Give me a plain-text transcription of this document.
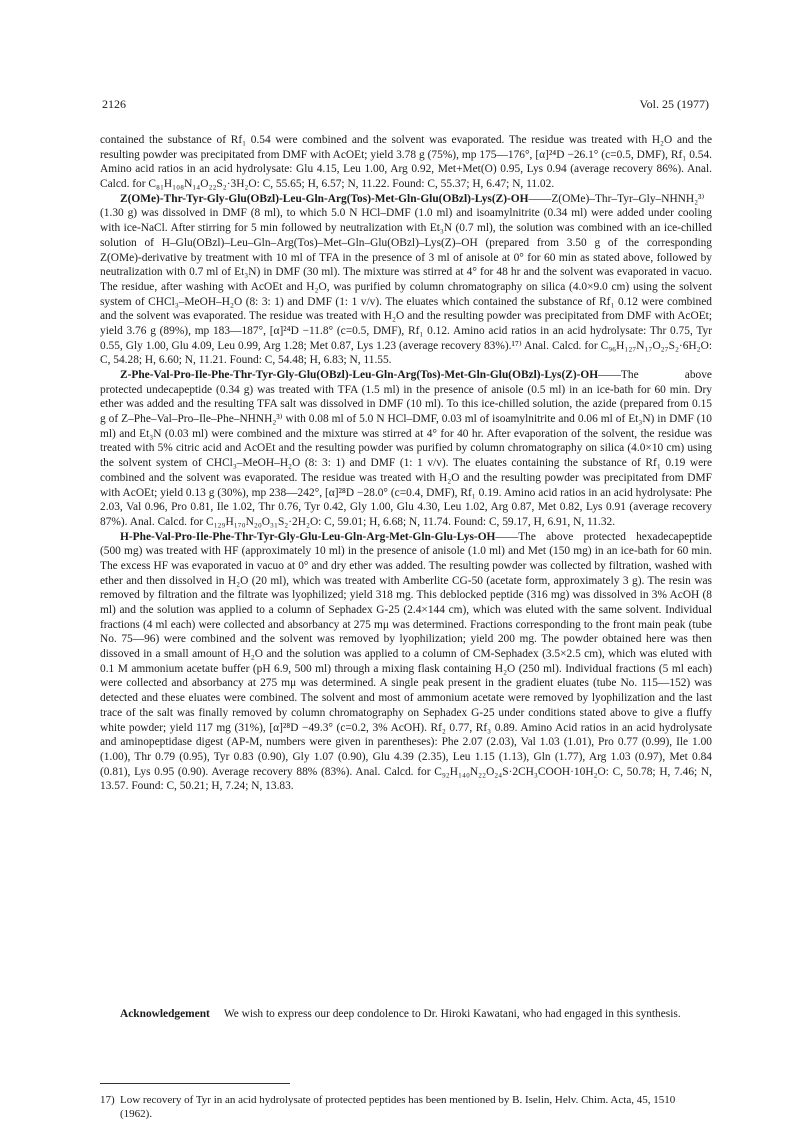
2126	Vol. 25 (1977)

contained the substance of Rf₁ 0.54 were combined and the solvent was evaporated. The residue was treated with H₂O and the resulting powder was precipitated from DMF with AcOEt; yield 3.78 g (75%), mp 175—176°, [α]²⁴D −26.1° (c=0.5, DMF), Rf₁ 0.54. Amino acid ratios in an acid hydrolysate: Glu 4.15, Leu 1.00, Arg 0.92, Met+Met(O) 0.95, Lys 0.94 (average recovery 86%). Anal. Calcd. for C₈₁H₁₀₈N₁₄O₂₂S₂·3H₂O: C, 55.65; H, 6.57; N, 11.22. Found: C, 55.37; H, 6.47; N, 11.02.

Z(OMe)-Thr-Tyr-Gly-Glu(OBzl)-Leu-Gln-Arg(Tos)-Met-Gln-Glu(OBzl)-Lys(Z)-OH——Z(OMe)–Thr–Tyr–Gly–NHNH₂³⁾ (1.30 g) was dissolved in DMF (8 ml), to which 5.0 N HCl–DMF (1.0 ml) and isoamylnitrite (0.34 ml) were added under cooling with ice-NaCl. After stirring for 5 min followed by neutralization with Et₃N (0.7 ml), the solution was combined with an ice-chilled solution of H–Glu(OBzl)–Leu–Gln–Arg(Tos)–Met–Gln–Glu(OBzl)–Lys(Z)–OH (prepared from 3.50 g of the corresponding Z(OMe)-derivative by treatment with 10 ml of TFA in the presence of 3 ml of anisole at 0° for 60 min as stated above, followed by neutralization with 0.7 ml of Et₃N) in DMF (30 ml). The mixture was stirred at 4° for 48 hr and the solvent was evaporated in vacuo. The residue, after washing with AcOEt and H₂O, was purified by column chromatography on silica (4.0×9.0 cm) using the solvent system of CHCl₃–MeOH–H₂O (8: 3: 1) and DMF (1: 1 v/v). The eluates which contained the substance of Rf₁ 0.12 were combined and the solvent was evaporated. The residue was treated with H₂O and the resulting powder was precipitated from DMF with AcOEt; yield 3.76 g (89%), mp 183—187°, [α]²⁴D −11.8° (c=0.5, DMF), Rf₁ 0.12. Amino acid ratios in an acid hydrolysate: Thr 0.75, Tyr 0.55, Gly 1.00, Glu 4.09, Leu 0.99, Arg 1.28; Met 0.87, Lys 1.23 (average recovery 83%).¹⁷⁾ Anal. Calcd. for C₉₆H₁₂₇N₁₇O₂₇S₂·6H₂O: C, 54.28; H, 6.60; N, 11.21. Found: C, 54.48; H, 6.83; N, 11.55.

Z-Phe-Val-Pro-Ile-Phe-Thr-Tyr-Gly-Glu(OBzl)-Leu-Gln-Arg(Tos)-Met-Gln-Glu(OBzl)-Lys(Z)-OH——The above protected undecapeptide (0.34 g) was treated with TFA (1.5 ml) in the presence of anisole (0.5 ml) in an ice-bath for 60 min. Dry ether was added and the resulting TFA salt was dissolved in DMF (10 ml). To this ice-chilled solution, the azide (prepared from 0.15 g of Z–Phe–Val–Pro–Ile–Phe–NHNH₂³⁾ with 0.08 ml of 5.0 N HCl–DMF, 0.03 ml of isoamylnitrite and 0.06 ml of Et₃N) in DMF (10 ml) and Et₃N (0.03 ml) were combined and the mixture was stirred at 4° for 40 hr. After evaporation of the solvent, the residue was treated with 5% citric acid and AcOEt and the resulting powder was purified by column chromatography on silica (4.0×10 cm) using the solvent system of CHCl₃–MeOH–H₂O (8: 3: 1) and DMF (1: 1 v/v). The eluates containing the substance of Rf₁ 0.19 were combined and the solvent was evaporated. The residue was treated with H₂O and the resulting powder was precipitated from DMF with AcOEt; yield 0.13 g (30%), mp 238—242°, [α]²⁸D −28.0° (c=0.4, DMF), Rf₁ 0.19. Amino acid ratios in an acid hydrolysate: Phe 2.03, Val 0.96, Pro 0.81, Ile 1.02, Thr 0.76, Tyr 0.42, Gly 1.00, Glu 4.30, Leu 1.02, Arg 0.87, Met 0.82, Lys 0.91 (average recovery 87%). Anal. Calcd. for C₁₂₉H₁₇₀N₂₀O₃₁S₂·2H₂O: C, 59.01; H, 6.68; N, 11.74. Found: C, 59.17, H, 6.91, N, 11.32.

H-Phe-Val-Pro-Ile-Phe-Thr-Tyr-Gly-Glu-Leu-Gln-Arg-Met-Gln-Glu-Lys-OH——The above protected hexadecapeptide (500 mg) was treated with HF (approximately 10 ml) in the presence of anisole (1.0 ml) and Met (150 mg) in an ice-bath for 60 min. The excess HF was evaporated in vacuo at 0° and dry ether was added. The resulting powder was collected by filtration, washed with ether and then dissolved in H₂O (20 ml), which was treated with Amberlite CG-50 (acetate form, approximately 3 g). The resin was removed by filtration and the filtrate was lyophilized; yield 318 mg. This deblocked peptide (316 mg) was dissolved in 3% AcOH (8 ml) and the solution was applied to a column of Sephadex G-25 (2.4×144 cm), which was eluted with the same solvent. Individual fractions (4 ml each) were collected and absorbancy at 275 mμ was determined. Fractions corresponding to the front main peak (tube No. 75—96) were combined and the solvent was removed by lyophilization; yield 200 mg. The powder obtained here was then dissoved in a small amount of H₂O and the solution was applied to a column of CM-Sephadex (3.5×2.5 cm), which was eluted with 0.1 M ammonium acetate buffer (pH 6.9, 500 ml) through a mixing flask containing H₂O (250 ml). Individual fractions (5 ml each) were collected and absorbancy at 275 mμ was determined. A single peak present in the gradient eluates (tube No. 115—152) was detected and these eluates were combined. The solvent and most of ammonium acetate were removed by lyophilization and the last trace of the salt was finally removed by column chromatography on Sephadex G-25 under conditions stated above to give a fluffy white powder; yield 117 mg (31%), [α]²⁸D −49.3° (c=0.2, 3% AcOH). Rf₂ 0.77, Rf₃ 0.89. Amino Acid ratios in an acid hydrolysate and aminopeptidase digest (AP-M, numbers were given in parentheses): Phe 2.07 (2.03), Val 1.03 (1.01), Pro 0.77 (0.99), Ile 1.00 (1.00), Thr 0.79 (0.95), Tyr 0.83 (0.90), Gly 1.07 (0.90), Glu 4.39 (2.35), Leu 1.15 (1.13), Gln (1.77), Arg 1.03 (0.97), Met 0.84 (0.81), Lys 0.95 (0.90). Average recovery 88% (83%). Anal. Calcd. for C₉₂H₁₄₀N₂₂O₂₄S·2CH₃COOH·10H₂O: C, 50.78; H, 7.46; N, 13.57. Found: C, 50.21; H, 7.24; N, 13.83.

Acknowledgement We wish to express our deep condolence to Dr. Hiroki Kawatani, who had engaged in this synthesis.
17) Low recovery of Tyr in an acid hydrolysate of protected peptides has been mentioned by B. Iselin, Helv. Chim. Acta, 45, 1510 (1962).
